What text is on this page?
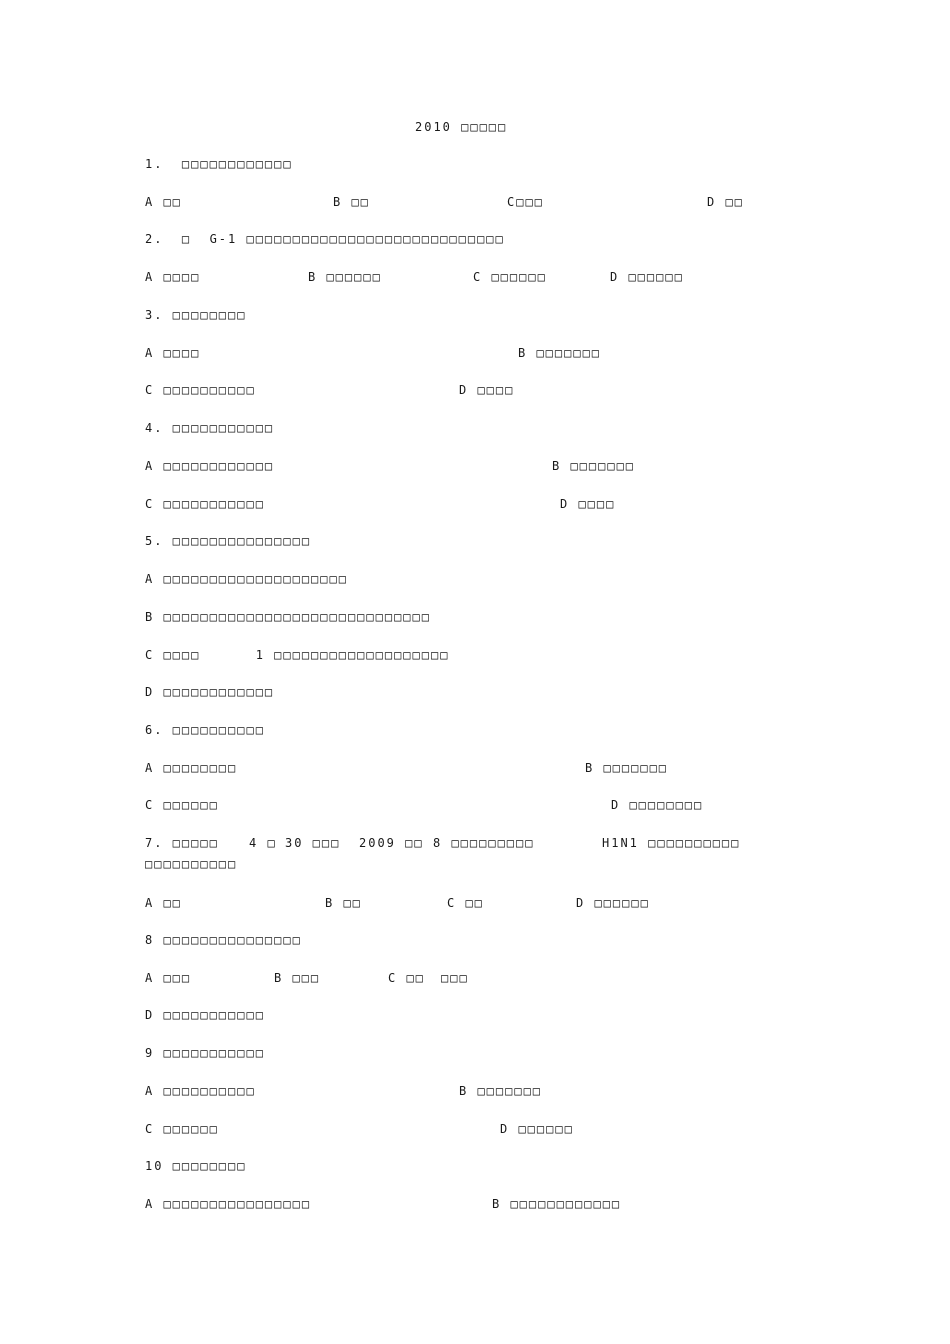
2010 □□□□□
1.  □□□□□□□□□□□□
A □□	B □□	C□□□	D □□
2.  □  G-1 □□□□□□□□□□□□□□□□□□□□□□□□□□□□
A □□□□	B □□□□□□	C □□□□□□	D □□□□□□
3. □□□□□□□□
A □□□□	B □□□□□□□
C □□□□□□□□□□	D □□□□
4. □□□□□□□□□□□
A □□□□□□□□□□□□	B □□□□□□□
C □□□□□□□□□□□	D □□□□
5. □□□□□□□□□□□□□□□
A □□□□□□□□□□□□□□□□□□□□
B □□□□□□□□□□□□□□□□□□□□□□□□□□□□□
C □□□□      1 □□□□□□□□□□□□□□□□□□□
D □□□□□□□□□□□□
6. □□□□□□□□□□
A □□□□□□□□	B □□□□□□□
C □□□□□□	D □□□□□□□□
7. □□□□□	4 □ 30 □□□ 2009 □□ 8 □□□□□□□□□	H1N1 □□□□□□□□□□
□□□□□□□□□□
A □□	B □□	C □□	D □□□□□□
8 □□□□□□□□□□□□□□□
A □□□	B □□□	C □□ □□□
D □□□□□□□□□□□
9 □□□□□□□□□□□
A □□□□□□□□□□	B □□□□□□□
C □□□□□□	D □□□□□□
10 □□□□□□□□
A □□□□□□□□□□□□□□□□	B □□□□□□□□□□□□
